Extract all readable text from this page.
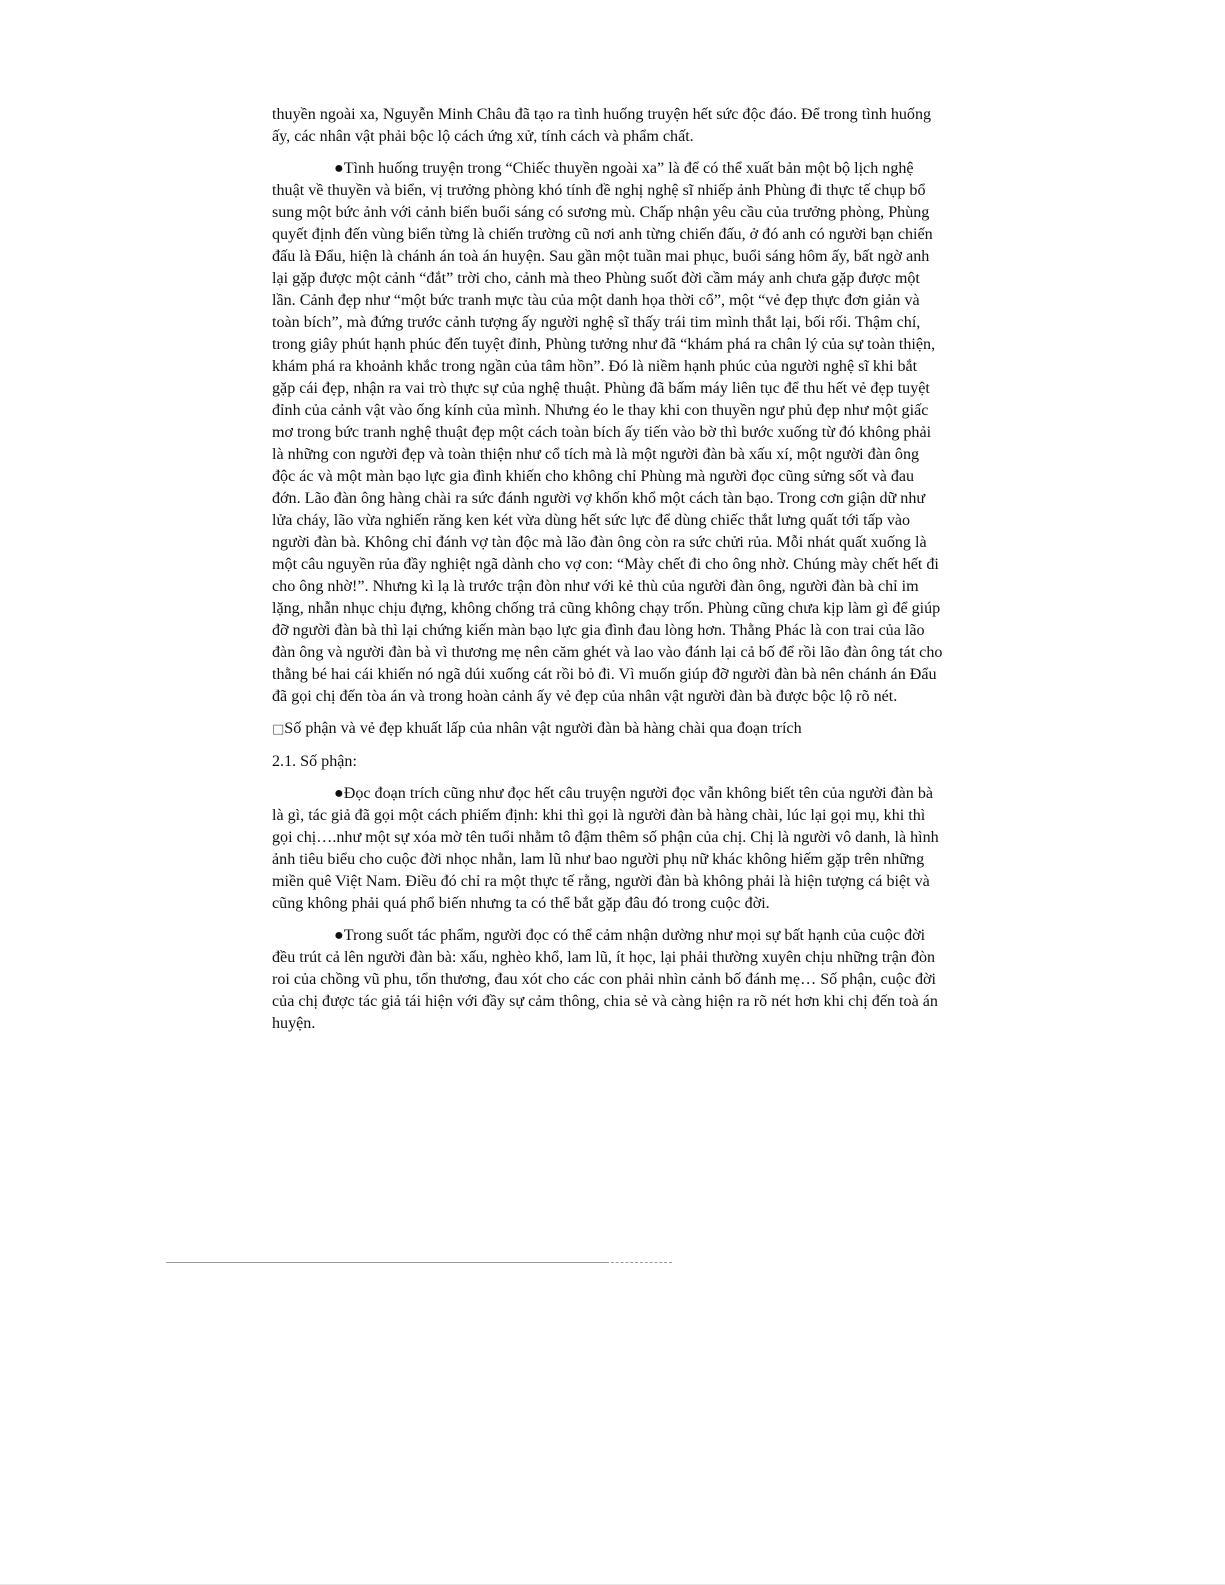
thuyền ngoài xa, Nguyễn Minh Châu đã tạo ra tình huống truyện hết sức độc đáo. Để trong tình huống ấy, các nhân vật phải bộc lộ cách ứng xử, tính cách và phẩm chất.

●Tình huống truyện trong “Chiếc thuyền ngoài xa” là để có thể xuất bản một bộ lịch nghệ thuật về thuyền và biển, vị trưởng phòng khó tính đề nghị nghệ sĩ nhiếp ảnh Phùng đi thực tế chụp bổ sung một bức ảnh với cảnh biển buổi sáng có sương mù. Chấp nhận yêu cầu của trưởng phòng, Phùng quyết định đến vùng biển từng là chiến trường cũ nơi anh từng chiến đấu, ở đó anh có người bạn chiến đấu là Đẩu, hiện là chánh án toà án huyện. Sau gần một tuần mai phục, buổi sáng hôm ấy, bất ngờ anh lại gặp được một cảnh “đắt” trời cho, cảnh mà theo Phùng suốt đời cầm máy anh chưa gặp được một lần. Cảnh đẹp như “một bức tranh mực tàu của một danh họa thời cổ”, một “vẻ đẹp thực đơn giản và toàn bích”, mà đứng trước cảnh tượng ấy người nghệ sĩ thấy trái tim mình thắt lại, bối rối. Thậm chí, trong giây phút hạnh phúc đến tuyệt đỉnh, Phùng tưởng như đã “khám phá ra chân lý của sự toàn thiện, khám phá ra khoảnh khắc trong ngần của tâm hồn”. Đó là niềm hạnh phúc của người nghệ sĩ khi bắt gặp cái đẹp, nhận ra vai trò thực sự của nghệ thuật. Phùng đã bấm máy liên tục để thu hết vẻ đẹp tuyệt đỉnh của cảnh vật vào ống kính của mình. Nhưng éo le thay khi con thuyền ngư phủ đẹp như một giấc mơ trong bức tranh nghệ thuật đẹp một cách toàn bích ấy tiến vào bờ thì bước xuống từ đó không phải là những con người đẹp và toàn thiện như cổ tích mà là một người đàn bà xấu xí, một người đàn ông độc ác và một màn bạo lực gia đình khiến cho không chỉ Phùng mà người đọc cũng sửng sốt và đau đớn. Lão đàn ông hàng chài ra sức đánh người vợ khốn khổ một cách tàn bạo. Trong cơn giận dữ như lửa cháy, lão vừa nghiến răng ken két vừa dùng hết sức lực để dùng chiếc thắt lưng quất tới tấp vào người đàn bà. Không chỉ đánh vợ tàn độc mà lão đàn ông còn ra sức chửi rủa. Mỗi nhát quất xuống là một câu nguyền rủa đầy nghiệt ngã dành cho vợ con: “Mày chết đi cho ông nhờ. Chúng mày chết hết đi cho ông nhờ!”. Nhưng kì lạ là trước trận đòn như với kẻ thù của người đàn ông, người đàn bà chỉ im lặng, nhẫn nhục chịu đựng, không chống trả cũng không chạy trốn. Phùng cũng chưa kịp làm gì để giúp đỡ người đàn bà thì lại chứng kiến màn bạo lực gia đình đau lòng hơn. Thằng Phác là con trai của lão đàn ông và người đàn bà vì thương mẹ nên căm ghét và lao vào đánh lại cả bố để rồi lão đàn ông tát cho thằng bé hai cái khiến nó ngã dúi xuống cát rồi bỏ đi. Vì muốn giúp đỡ người đàn bà nên chánh án Đẩu đã gọi chị đến tòa án và trong hoàn cảnh ấy vẻ đẹp của nhân vật người đàn bà được bộc lộ rõ nét.

□Số phận và vẻ đẹp khuất lấp của nhân vật người đàn bà hàng chài qua đoạn trích

2.1. Số phận:

●Đọc đoạn trích cũng như đọc hết câu truyện người đọc vẫn không biết tên của người đàn bà là gì, tác giả đã gọi một cách phiếm định: khi thì gọi là người đàn bà hàng chài, lúc lại gọi mụ, khi thì gọi chị….như một sự xóa mờ tên tuổi nhằm tô đậm thêm số phận của chị. Chị là người vô danh, là hình ảnh tiêu biểu cho cuộc đời nhọc nhằn, lam lũ như bao người phụ nữ khác không hiếm gặp trên những miền quê Việt Nam. Điều đó chỉ ra một thực tế rằng, người đàn bà không phải là hiện tượng cá biệt và cũng không phải quá phổ biến nhưng ta có thể bắt gặp đâu đó trong cuộc đời.

●Trong suốt tác phẩm, người đọc có thể cảm nhận dường như mọi sự bất hạnh của cuộc đời đều trút cả lên người đàn bà: xấu, nghèo khổ, lam lũ, ít học, lại phải thường xuyên chịu những trận đòn roi của chồng vũ phu, tổn thương, đau xót cho các con phải nhìn cảnh bố đánh mẹ… Số phận, cuộc đời của chị được tác giả tái hiện với đầy sự cảm thông, chia sẻ và càng hiện ra rõ nét hơn khi chị đến toà án huyện.
